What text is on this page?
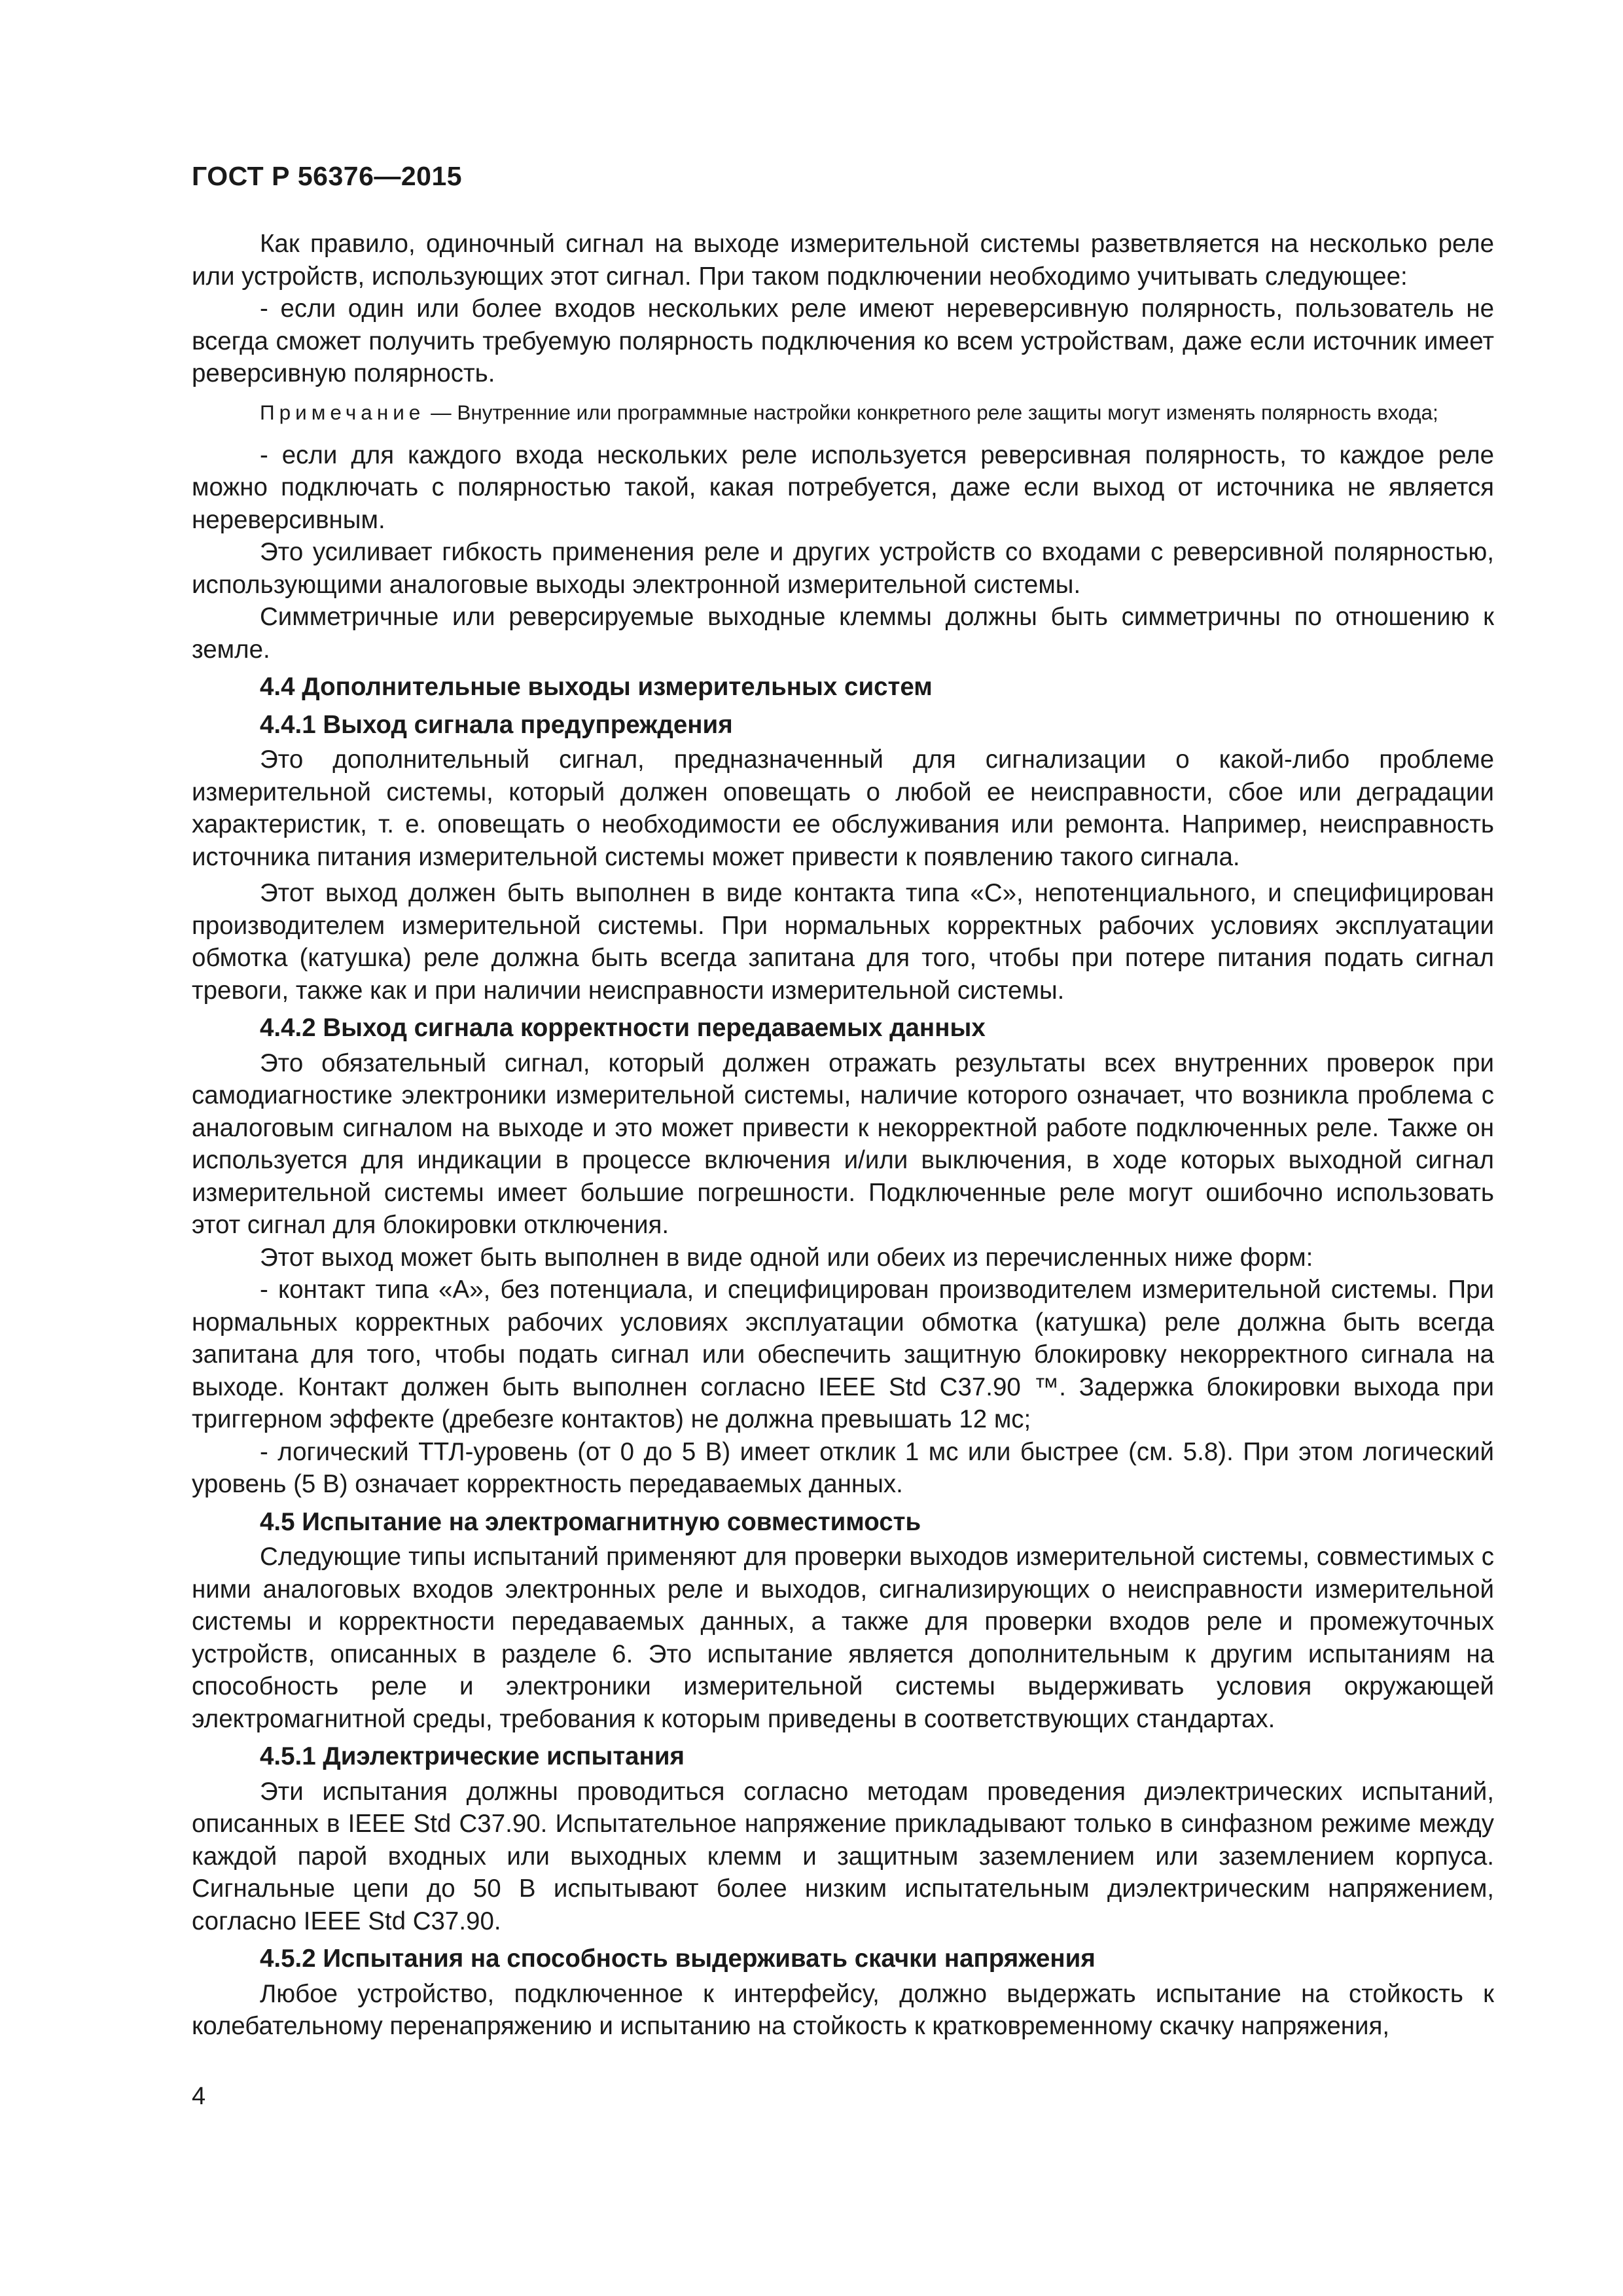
ГОСТ Р 56376—2015

Как правило, одиночный сигнал на выходе измерительной системы разветвляется на несколько реле или устройств, использующих этот сигнал. При таком подключении необходимо учитывать следующее:

- если один или более входов нескольких реле имеют нереверсивную полярность, пользователь не всегда сможет получить требуемую полярность подключения ко всем устройствам, даже если источник имеет реверсивную полярность.

Примечание — Внутренние или программные настройки конкретного реле защиты могут изменять полярность входа;

- если для каждого входа нескольких реле используется реверсивная полярность, то каждое реле можно подключать с полярностью такой, какая потребуется, даже если выход от источника не является нереверсивным.

Это усиливает гибкость применения реле и других устройств со входами с реверсивной полярностью, использующими аналоговые выходы электронной измерительной системы.

Симметричные или реверсируемые выходные клеммы должны быть симметричны по отношению к земле.

4.4 Дополнительные выходы измерительных систем

4.4.1 Выход сигнала предупреждения

Это дополнительный сигнал, предназначенный для сигнализации о какой-либо проблеме измерительной системы, который должен оповещать о любой ее неисправности, сбое или деградации характеристик, т. е. оповещать о необходимости ее обслуживания или ремонта. Например, неисправность источника питания измерительной системы может привести к появлению такого сигнала.

Этот выход должен быть выполнен в виде контакта типа «С», непотенциального, и специфицирован производителем измерительной системы. При нормальных корректных рабочих условиях эксплуатации обмотка (катушка) реле должна быть всегда запитана для того, чтобы при потере питания подать сигнал тревоги, также как и при наличии неисправности измерительной системы.

4.4.2 Выход сигнала корректности передаваемых данных

Это обязательный сигнал, который должен отражать результаты всех внутренних проверок при самодиагностике электроники измерительной системы, наличие которого означает, что возникла проблема с аналоговым сигналом на выходе и это может привести к некорректной работе подключенных реле. Также он используется для индикации в процессе включения и/или выключения, в ходе которых выходной сигнал измерительной системы имеет большие погрешности. Подключенные реле могут ошибочно использовать этот сигнал для блокировки отключения.

Этот выход может быть выполнен в виде одной или обеих из перечисленных ниже форм:

- контакт типа «А», без потенциала, и специфицирован производителем измерительной системы. При нормальных корректных рабочих условиях эксплуатации обмотка (катушка) реле должна быть всегда запитана для того, чтобы подать сигнал или обеспечить защитную блокировку некорректного сигнала на выходе. Контакт должен быть выполнен согласно IEEE Std C37.90 ™. Задержка блокировки выхода при триггерном эффекте (дребезге контактов) не должна превышать 12 мс;

- логический ТТЛ-уровень (от 0 до 5 В) имеет отклик 1 мс или быстрее (см. 5.8). При этом логический уровень (5 В) означает корректность передаваемых данных.

4.5 Испытание на электромагнитную совместимость

Следующие типы испытаний применяют для проверки выходов измерительной системы, совместимых с ними аналоговых входов электронных реле и выходов, сигнализирующих о неисправности измерительной системы и корректности передаваемых данных, а также для проверки входов реле и промежуточных устройств, описанных в разделе 6. Это испытание является дополнительным к другим испытаниям на способность реле и электроники измерительной системы выдерживать условия окружающей электромагнитной среды, требования к которым приведены в соответствующих стандартах.

4.5.1 Диэлектрические испытания

Эти испытания должны проводиться согласно методам проведения диэлектрических испытаний, описанных в IEEE Std C37.90. Испытательное напряжение прикладывают только в синфазном режиме между каждой парой входных или выходных клемм и защитным заземлением или заземлением корпуса. Сигнальные цепи до 50 В испытывают более низким испытательным диэлектрическим напряжением, согласно IEEE Std C37.90.

4.5.2 Испытания на способность выдерживать скачки напряжения

Любое устройство, подключенное к интерфейсу, должно выдержать испытание на стойкость к колебательному перенапряжению и испытанию на стойкость к кратковременному скачку напряжения,

4
